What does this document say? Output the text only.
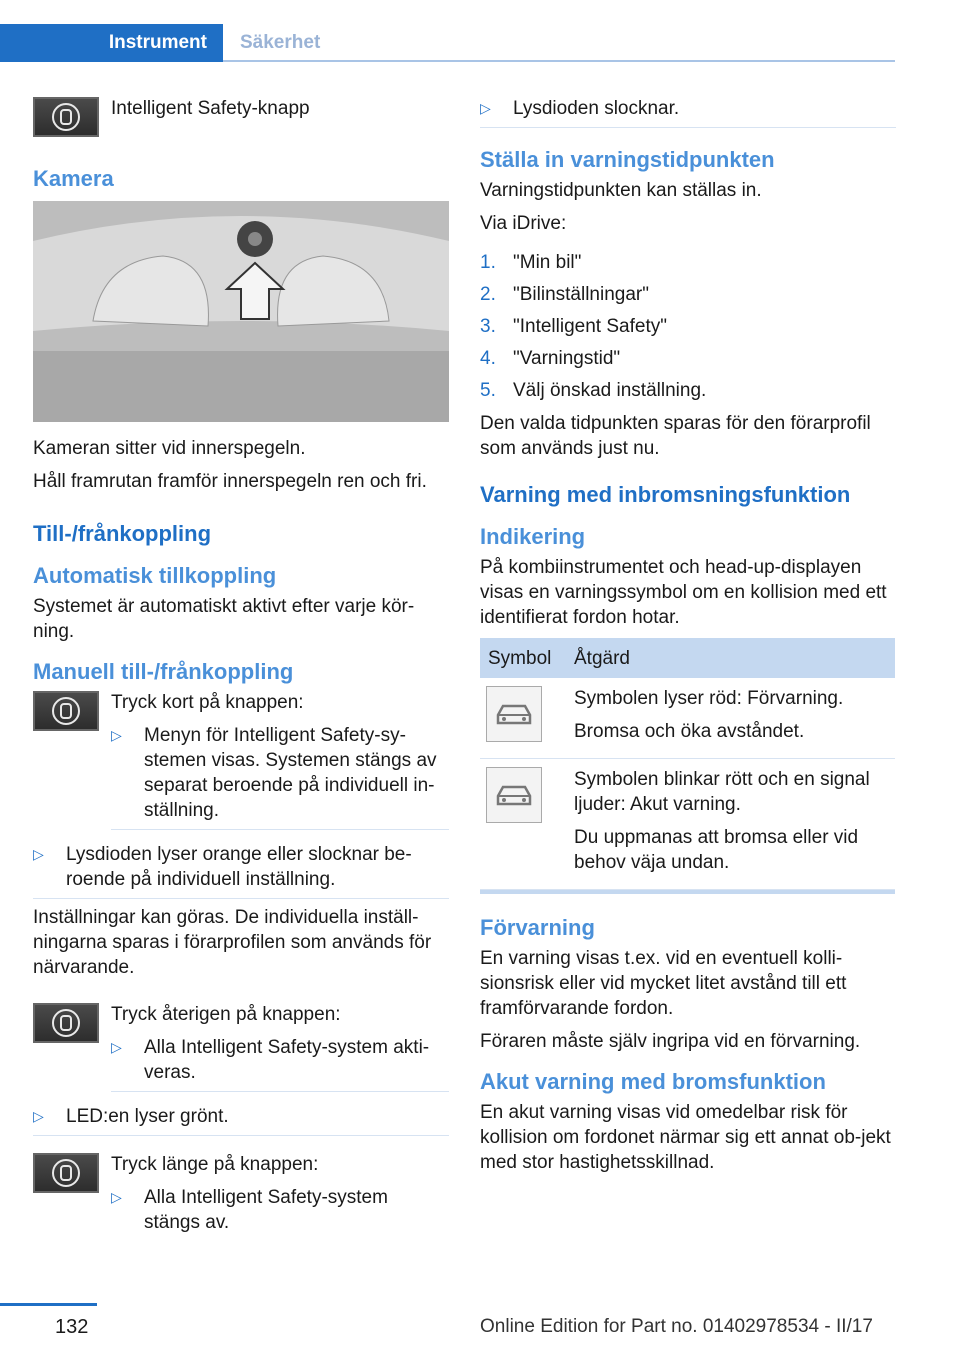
Instrument	Säkerhet

Intelligent Safety-knapp

Kamera

Kameran sitter vid innerspegeln.

Håll framrutan framför innerspegeln ren och fri.

Till-/frånkoppling
Automatisk tillkoppling

Systemet är automatiskt aktivt efter varje kör-ning.

Manuell till-/frånkoppling

Tryck kort på knappen:

▷	Menyn för Intelligent Safety-sy-stemen visas. Systemen stängs av separat beroende på individuell in-ställning.
▷	Lysdioden lyser orange eller slocknar be-roende på individuell inställning.

Inställningar kan göras. De individuella inställ-ningarna sparas i förarprofilen som används för närvarande.

Tryck återigen på knappen:

▷	Alla Intelligent Safety-system akti-veras.
▷	LED:en lyser grönt.

Tryck länge på knappen:

▷	Alla Intelligent Safety-system stängs av.
▷	Lysdioden slocknar.
Ställa in varningstidpunkten

Varningstidpunkten kan ställas in.

Via iDrive:

1. "Min bil"
2. "Bilinställningar"
3. "Intelligent Safety"
4. "Varningstid"
5. Välj önskad inställning.

Den valda tidpunkten sparas för den förarprofil som används just nu.

Varning med inbromsningsfunktion
Indikering

På kombiinstrumentet och head-up-displayen visas en varningssymbol om en kollision med ett identifierat fordon hotar.

Symbol	Åtgärd

Symbolen lyser röd: Förvarning.

Bromsa och öka avståndet.

Symbolen blinkar rött och en signal ljuder: Akut varning.

Du uppmanas att bromsa eller vid behov väja undan.

Förvarning

En varning visas t.ex. vid en eventuell kolli-sionsrisk eller vid mycket litet avstånd till ett framförvarande fordon.

Föraren måste själv ingripa vid en förvarning.

Akut varning med bromsfunktion

En akut varning visas vid omedelbar risk för kollision om fordonet närmar sig ett annat ob-jekt med stor hastighetsskillnad.

132	Online Edition for Part no. 01402978534 - II/17
